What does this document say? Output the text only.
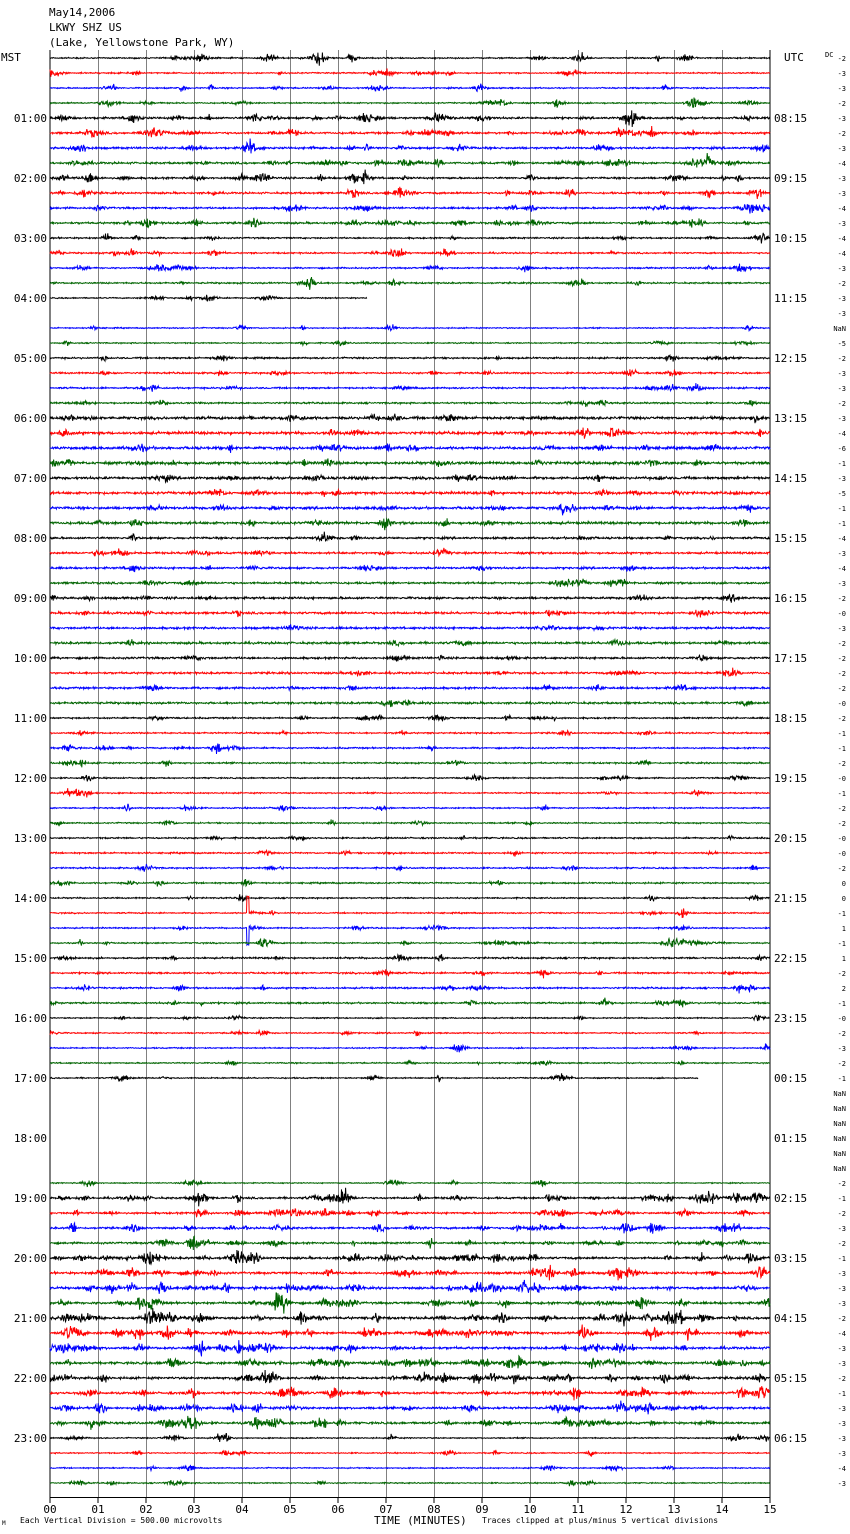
00	01	02	03	04	05	06	07	08	09	10	11	12	13	14	15
01:00
02:00
03:00
04:00
05:00
06:00
07:00
08:00
09:00
10:00
11:00
12:00
13:00
14:00
15:00
16:00
17:00
18:00
19:00
20:00
21:00
22:00
23:00
08:15
09:15
10:15
11:15
12:15
13:15
14:15
15:15
16:15
17:15
18:15
19:15
20:15
21:15
22:15
23:15
00:15
01:15
02:15
03:15
04:15
05:15
06:15
-2
-3
-3
-2
-3
-2
-3
-4
-3
-3
-4
-3
-4
-4
-3
-2
-3
-3
NaN
-5
-2
-3
-3
-2
-3
-4
-6
-1
-3
-5
-1
-1
-4
-3
-4
-3
-2
-0
-3
-2
-2
-2
-2
-0
-2
-1
-1
-2
-0
-1
-2
-2
-0
-0
-2
0
0
-1
1
-1
1
-2
2
-1
-0
-2
-3
-2
-1
NaN
NaN
NaN
NaN
NaN
NaN
-2
-1
-2
-3
-2
-1
-3
-3
-3
-2
-4
-3
-3
-2
-1
-3
-3
-3
-3
-4
-3
May14,2006
LKWY SHZ US
(Lake, Yellowstone Park, WY)
MST	UTC	DC
M Each Vertical Division = 500.00 microvolts	TIME (MINUTES) Traces clipped at plus/minus 5 vertical divisions
